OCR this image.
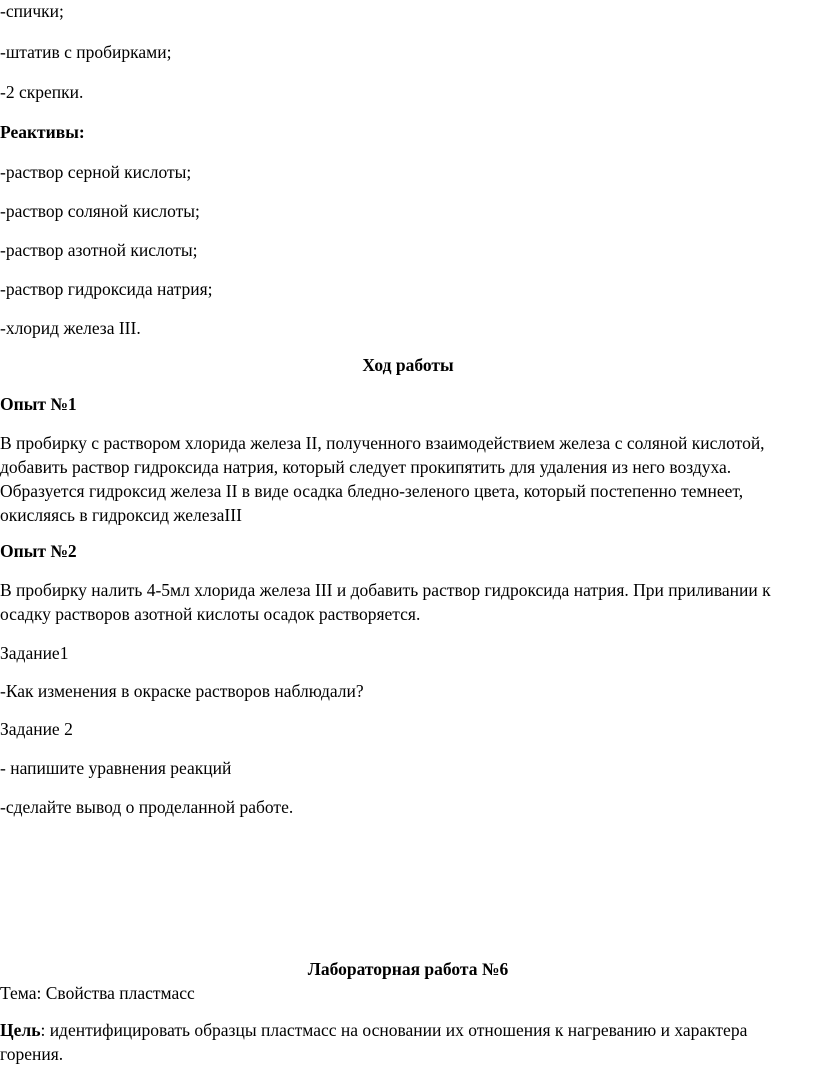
-спички;
-штатив с пробирками;
-2 скрепки.
Реактивы:
-раствор серной кислоты;
-раствор соляной кислоты;
-раствор азотной кислоты;
-раствор гидроксида натрия;
-хлорид железа III.
Ход работы
Опыт №1
В пробирку с раствором хлорида железа II, полученного взаимодействием железа с соляной кислотой,
добавить раствор гидроксида натрия, который следует прокипятить для удаления из него воздуха.
Образуется гидроксид железа II в виде осадка бледно-зеленого цвета, который постепенно темнеет,
окисляясь в гидроксид железаIII
Опыт №2
В пробирку налить 4-5мл хлорида железа III и добавить раствор гидроксида натрия. При приливании к
осадку растворов азотной кислоты осадок растворяется.
Задание1
-Как изменения в окраске растворов наблюдали?
Задание 2
- напишите уравнения реакций
-сделайте вывод о проделанной работе.
Лабораторная работа №6
Тема: Свойства пластмасс
Цель: идентифицировать образцы пластмасс на основании их отношения к нагреванию и характера
горения.
